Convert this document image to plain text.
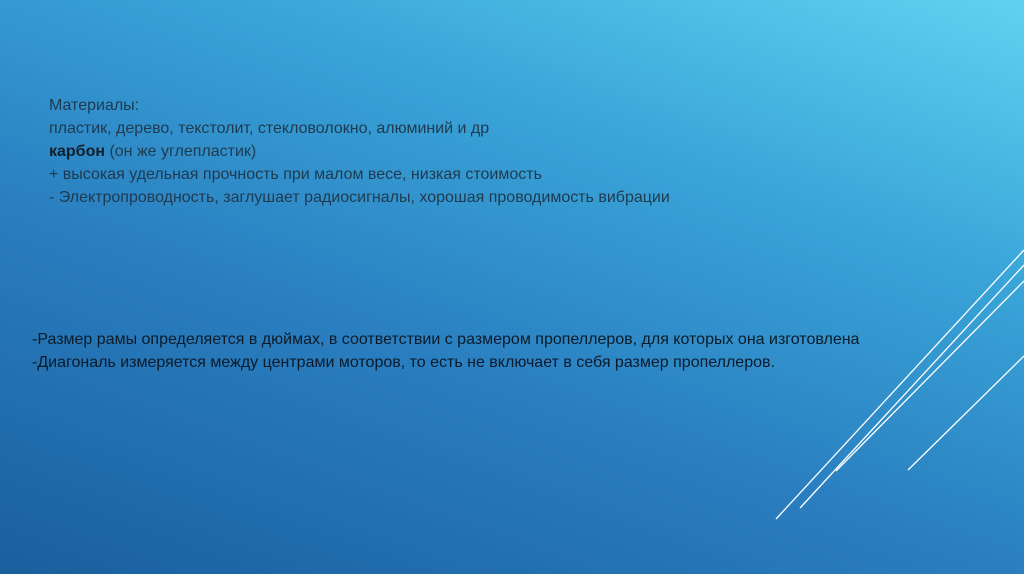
Материалы:
пластик, дерево, текстолит, стекловолокно, алюминий и др
карбон (он же углепластик)
+ высокая удельная прочность при малом весе, низкая стоимость
- Электропроводность, заглушает радиосигналы, хорошая проводимость вибрации
-Размер рамы определяется в дюймах, в соответствии с размером пропеллеров, для которых она изготовлена
-Диагональ измеряется между центрами моторов, то есть не включает в себя размер пропеллеров.
